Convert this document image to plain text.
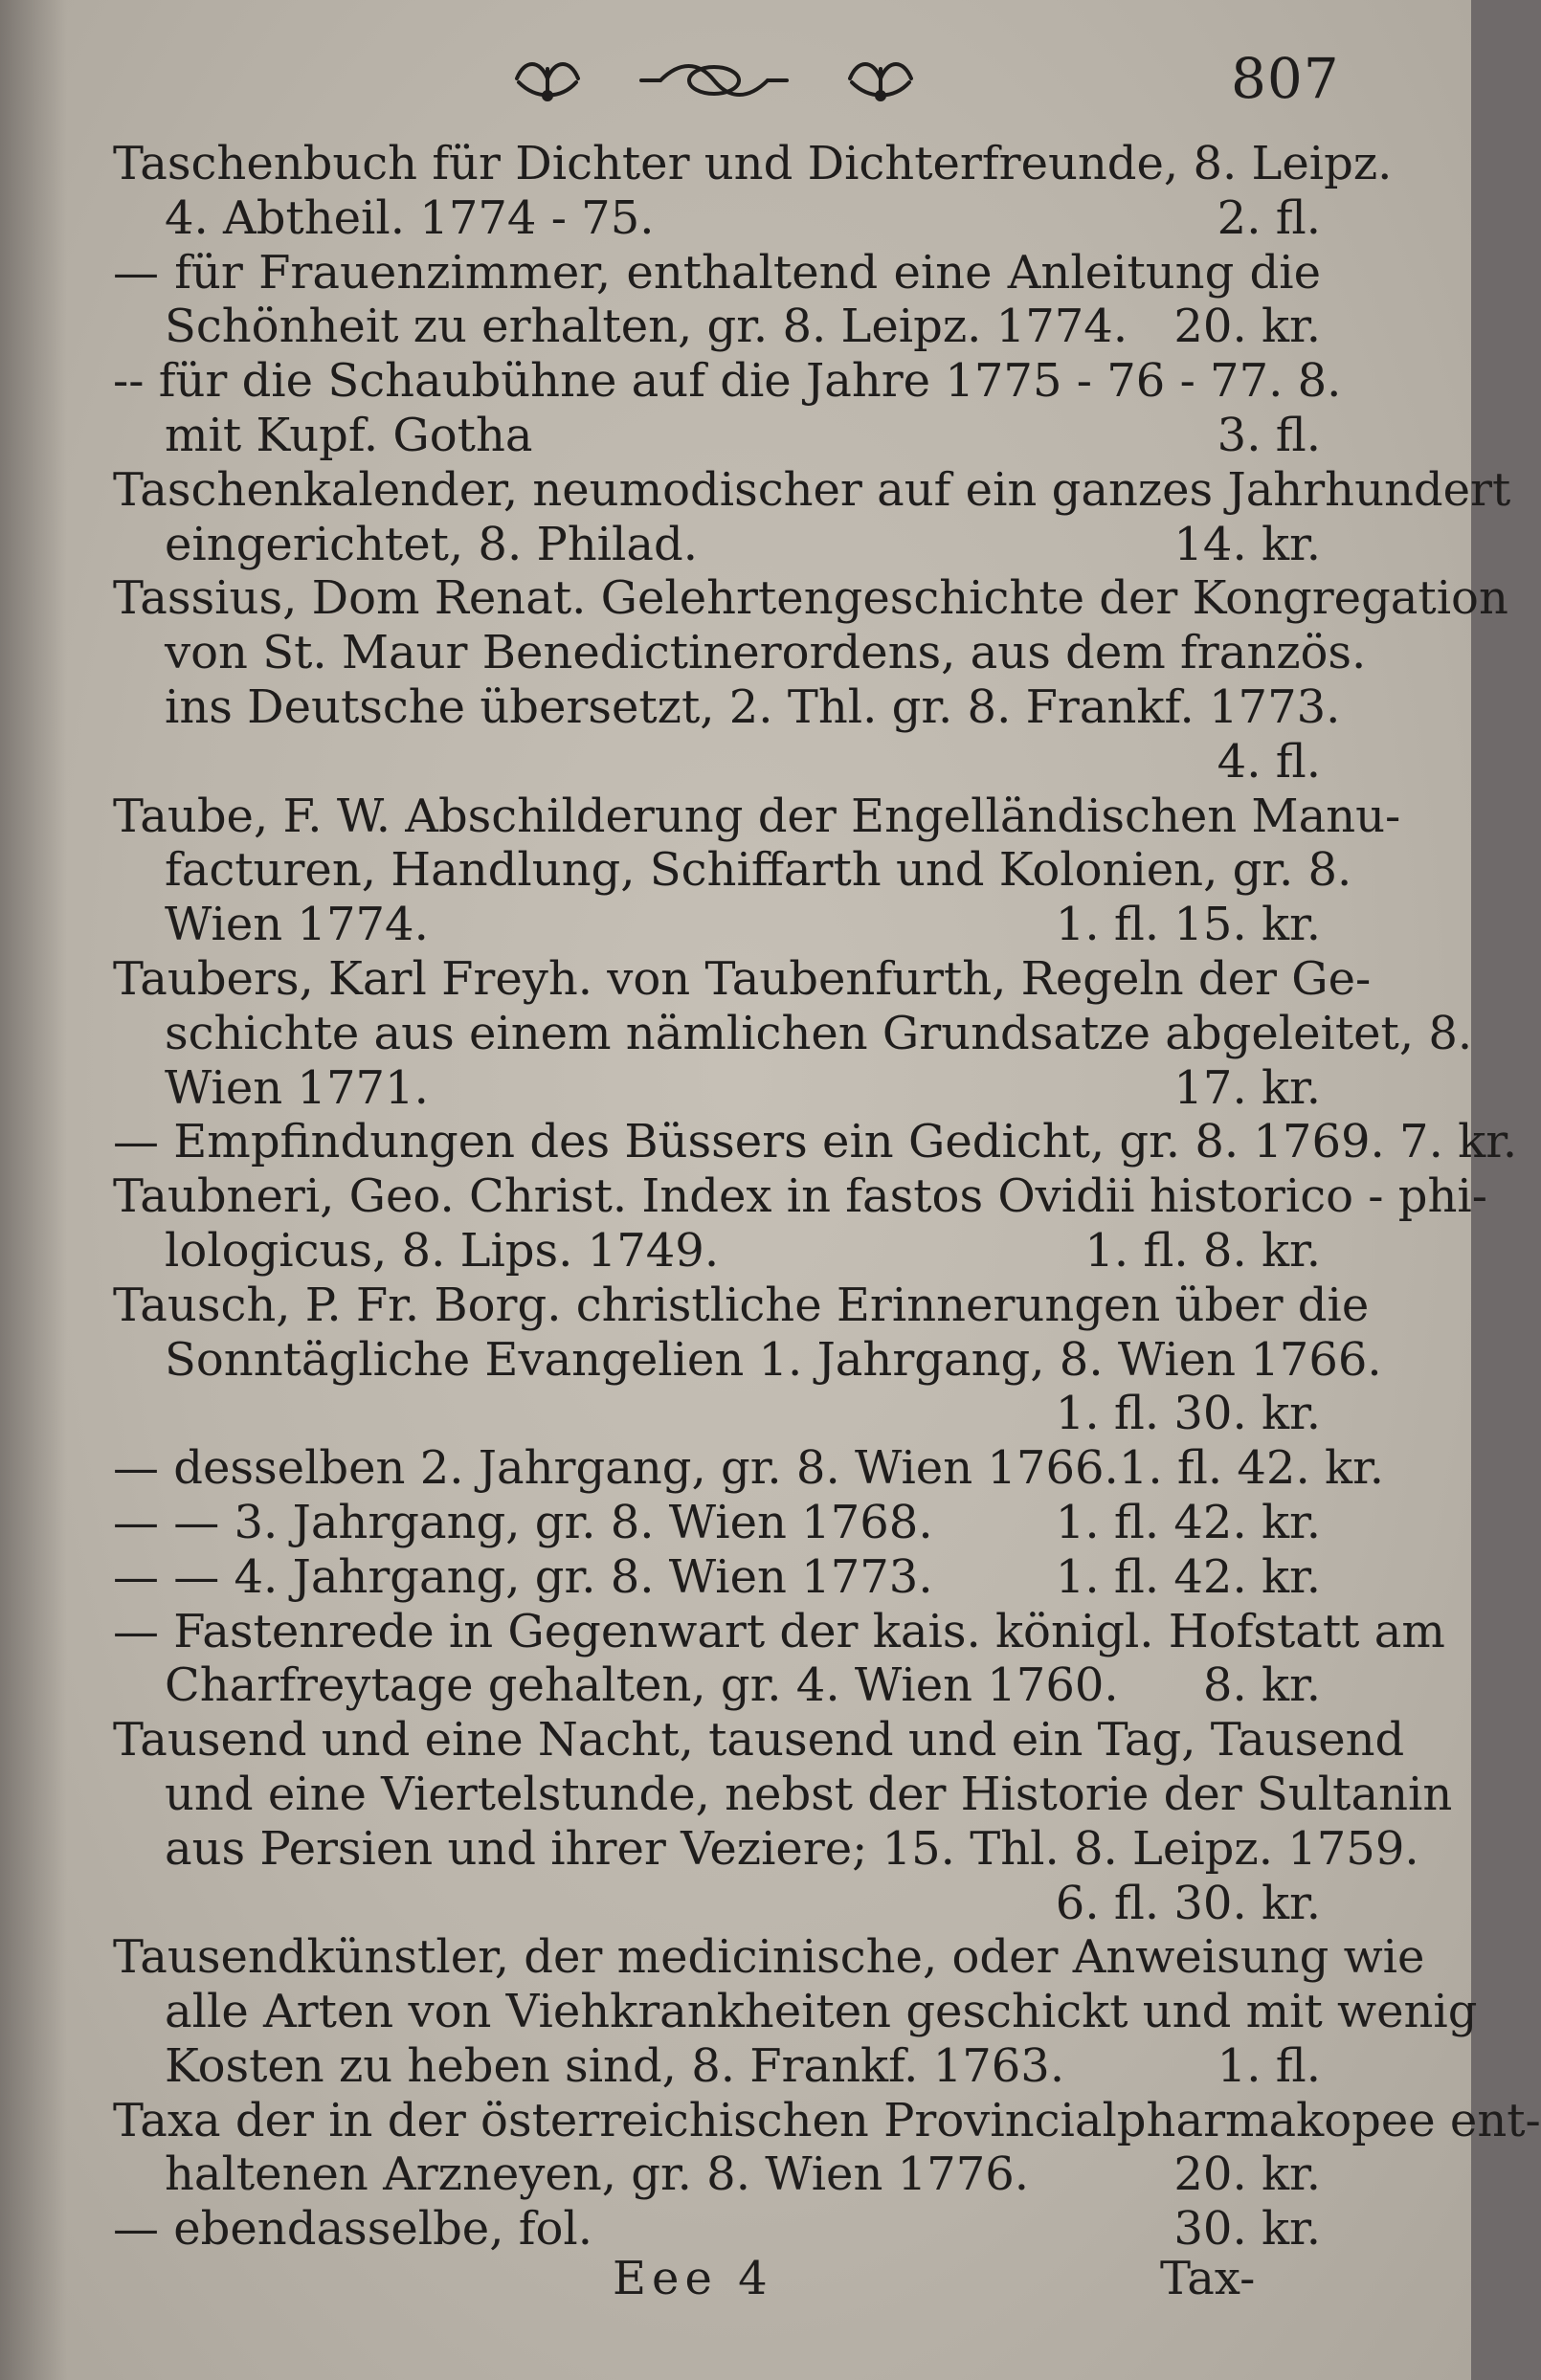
807
Taschenbuch für Dichter und Dichterfreunde, 8. Leipz.
4. Abtheil. 1774 - 75.	2. fl.
— für Frauenzimmer, enthaltend eine Anleitung die
Schönheit zu erhalten, gr. 8. Leipz. 1774. 20. kr.
-- für die Schaubühne auf die Jahre 1775 - 76 - 77. 8.
mit Kupf. Gotha	3. fl.
Taschenkalender, neumodischer auf ein ganzes Jahrhundert
eingerichtet, 8. Philad.	14. kr.
Tassius, Dom Renat. Gelehrtengeschichte der Kongregation
von St. Maur Benedictinerordens, aus dem französ.
ins Deutsche übersetzt, 2. Thl. gr. 8. Frankf. 1773.
4. fl.
Taube, F. W. Abschilderung der Engelländischen Manu-
facturen, Handlung, Schiffarth und Kolonien, gr. 8.
Wien 1774.	1. fl. 15. kr.
Taubers, Karl Freyh. von Taubenfurth, Regeln der Ge-
schichte aus einem nämlichen Grundsatze abgeleitet, 8.
Wien 1771.	17. kr.
— Empfindungen des Büssers ein Gedicht, gr. 8. 1769. 7. kr.
Taubneri, Geo. Christ. Index in fastos Ovidii historico - phi-
lologicus, 8. Lips. 1749.	1. fl. 8. kr.
Tausch, P. Fr. Borg. christliche Erinnerungen über die
Sonntägliche Evangelien 1. Jahrgang, 8. Wien 1766.
1. fl. 30. kr.
— desselben 2. Jahrgang, gr. 8. Wien 1766. 1. fl. 42. kr.
— — 3. Jahrgang, gr. 8. Wien 1768.	1. fl. 42. kr.
— — 4. Jahrgang, gr. 8. Wien 1773.	1. fl. 42. kr.
— Fastenrede in Gegenwart der kais. königl. Hofstatt am
Charfreytage gehalten, gr. 4. Wien 1760. 8. kr.
Tausend und eine Nacht, tausend und ein Tag, Tausend
und eine Viertelstunde, nebst der Historie der Sultanin
aus Persien und ihrer Veziere; 15. Thl. 8. Leipz. 1759.
6. fl. 30. kr.
Tausendkünstler, der medicinische, oder Anweisung wie
alle Arten von Viehkrankheiten geschickt und mit wenig
Kosten zu heben sind, 8. Frankf. 1763.	1. fl.
Taxa der in der österreichischen Provincialpharmakopee ent-
haltenen Arzneyen, gr. 8. Wien 1776.	20. kr.
— ebendasselbe, fol.	30. kr.
Eee 4	Tax-
